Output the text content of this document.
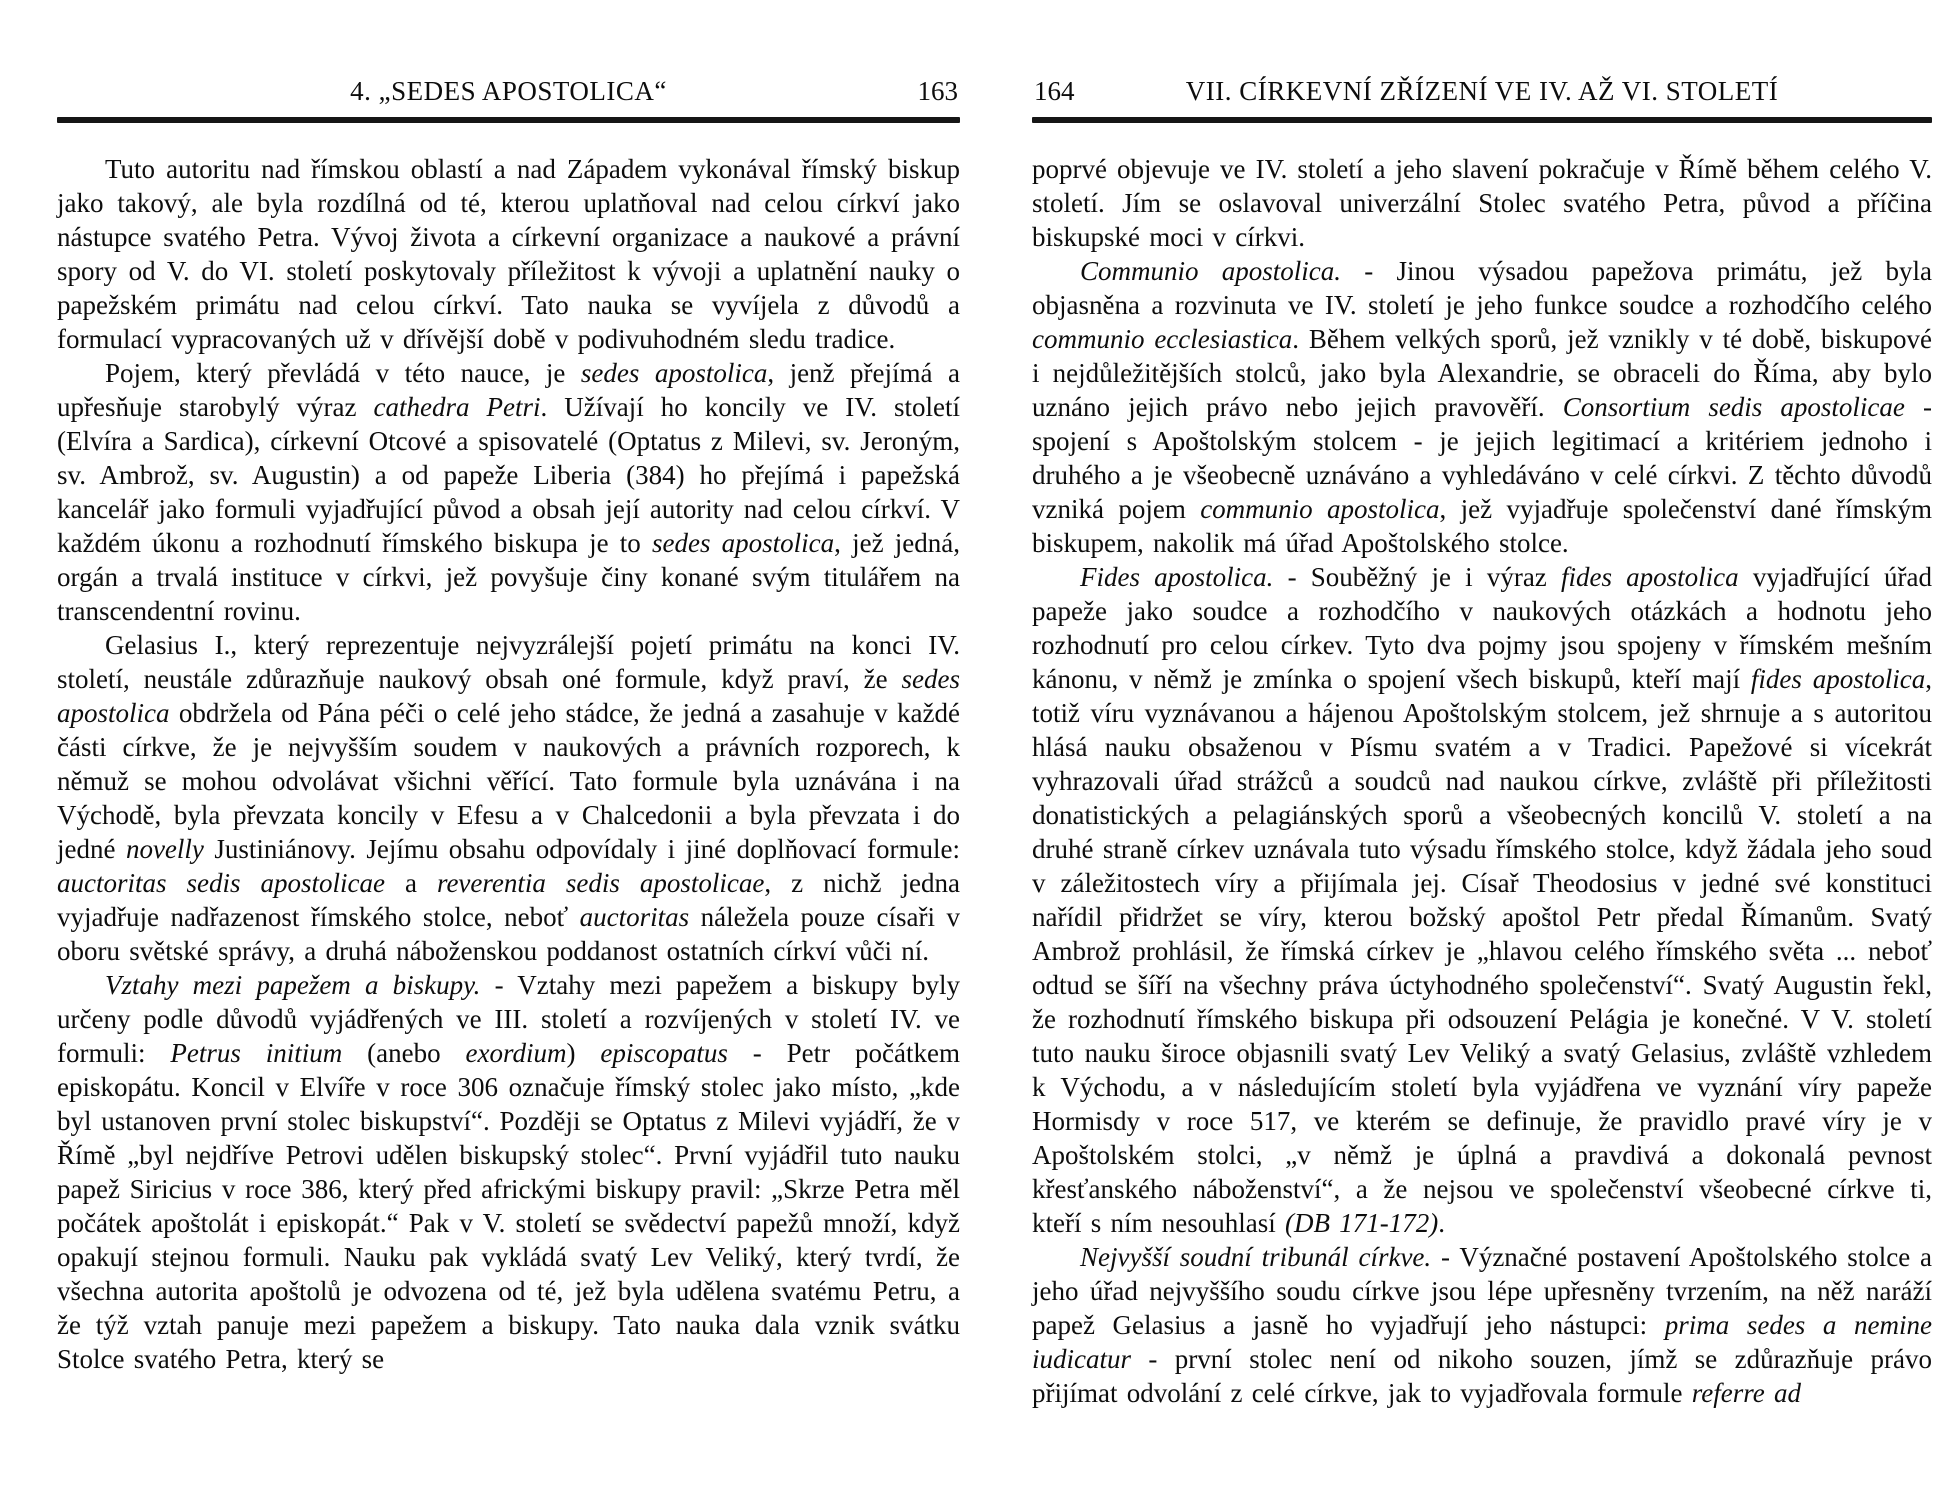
4. „SEDES APOSTOLICA“	163

Tuto autoritu nad římskou oblastí a nad Západem vykonával římský biskup jako takový, ale byla rozdílná od té, kterou uplatňoval nad celou církví jako nástupce svatého Petra. Vývoj života a církevní organizace a naukové a právní spory od V. do VI. století poskytovaly příležitost k vývoji a uplatnění nauky o papežském primátu nad celou církví. Tato nauka se vyvíjela z důvodů a formulací vypracovaných už v dřívější době v podivuhodném sledu tradice.

Pojem, který převládá v této nauce, je sedes apostolica, jenž přejímá a upřesňuje starobylý výraz cathedra Petri. Užívají ho koncily ve IV. století (Elvíra a Sardica), církevní Otcové a spisovatelé (Optatus z Milevi, sv. Jeroným, sv. Ambrož, sv. Augustin) a od papeže Liberia (384) ho přejímá i papežská kancelář jako formuli vyjadřující původ a obsah její autority nad celou církví. V každém úkonu a rozhodnutí římského biskupa je to sedes apostolica, jež jedná, orgán a trvalá instituce v církvi, jež povyšuje činy konané svým titulářem na transcendentní rovinu.

Gelasius I., který reprezentuje nejvyzrálejší pojetí primátu na konci IV. století, neustále zdůrazňuje naukový obsah oné formule, když praví, že sedes apostolica obdržela od Pána péči o celé jeho stádce, že jedná a zasahuje v každé části církve, že je nejvyšším soudem v naukových a právních rozporech, k němuž se mohou odvolávat všichni věřící. Tato formule byla uznávána i na Východě, byla převzata koncily v Efesu a v Chalcedonii a byla převzata i do jedné novelly Justiniánovy. Jejímu obsahu odpovídaly i jiné doplňovací formule: auctoritas sedis apostolicae a reverentia sedis apostolicae, z nichž jedna vyjadřuje nadřazenost římského stolce, neboť auctoritas náležela pouze císaři v oboru světské správy, a druhá náboženskou poddanost ostatních církví vůči ní.

Vztahy mezi papežem a biskupy. - Vztahy mezi papežem a biskupy byly určeny podle důvodů vyjádřených ve III. století a rozvíjených v století IV. ve formuli: Petrus initium (anebo exordium) episcopatus - Petr počátkem episkopátu. Koncil v Elvíře v roce 306 označuje římský stolec jako místo, „kde byl ustanoven první stolec biskupství“. Později se Optatus z Milevi vyjádří, že v Římě „byl nejdříve Petrovi udělen biskupský stolec“. První vyjádřil tuto nauku papež Siricius v roce 386, který před africkými biskupy pravil: „Skrze Petra měl počátek apoštolát i episkopát.“ Pak v V. století se svědectví papežů množí, když opakují stejnou formuli. Nauku pak vykládá svatý Lev Veliký, který tvrdí, že všechna autorita apoštolů je odvozena od té, jež byla udělena svatému Petru, a že týž vztah panuje mezi papežem a biskupy. Tato nauka dala vznik svátku Stolce svatého Petra, který se

VII. CÍRKEVNÍ ZŘÍZENÍ VE IV. AŽ VI. STOLETÍ
164

poprvé objevuje ve IV. století a jeho slavení pokračuje v Římě během celého V. století. Jím se oslavoval univerzální Stolec svatého Petra, původ a příčina biskupské moci v církvi.

Communio apostolica. - Jinou výsadou papežova primátu, jež byla objasněna a rozvinuta ve IV. století je jeho funkce soudce a rozhodčího celého communio ecclesiastica. Během velkých sporů, jež vznikly v té době, biskupové i nejdůležitějších stolců, jako byla Alexandrie, se obraceli do Říma, aby bylo uznáno jejich právo nebo jejich pravověří. Consortium sedis apostolicae - spojení s Apoštolským stolcem - je jejich legitimací a kritériem jednoho i druhého a je všeobecně uznáváno a vyhledáváno v celé církvi. Z těchto důvodů vzniká pojem communio apostolica, jež vyjadřuje společenství dané římským biskupem, nakolik má úřad Apoštolského stolce.

Fides apostolica. - Souběžný je i výraz fides apostolica vyjadřující úřad papeže jako soudce a rozhodčího v naukových otázkách a hodnotu jeho rozhodnutí pro celou církev. Tyto dva pojmy jsou spojeny v římském mešním kánonu, v němž je zmínka o spojení všech biskupů, kteří mají fides apostolica, totiž víru vyznávanou a hájenou Apoštolským stolcem, jež shrnuje a s autoritou hlásá nauku obsaženou v Písmu svatém a v Tradici. Papežové si vícekrát vyhrazovali úřad strážců a soudců nad naukou církve, zvláště při příležitosti donatistických a pelagiánských sporů a všeobecných koncilů V. století a na druhé straně církev uznávala tuto výsadu římského stolce, když žádala jeho soud v záležitostech víry a přijímala jej. Císař Theodosius v jedné své konstituci nařídil přidržet se víry, kterou božský apoštol Petr předal Římanům. Svatý Ambrož prohlásil, že římská církev je „hlavou celého římského světa ... neboť odtud se šíří na všechny práva úctyhodného společenství“. Svatý Augustin řekl, že rozhodnutí římského biskupa při odsouzení Pelágia je konečné. V V. století tuto nauku široce objasnili svatý Lev Veliký a svatý Gelasius, zvláště vzhledem k Východu, a v následujícím století byla vyjádřena ve vyznání víry papeže Hormisdy v roce 517, ve kterém se definuje, že pravidlo pravé víry je v Apoštolském stolci, „v němž je úplná a pravdivá a dokonalá pevnost křesťanského náboženství“, a že nejsou ve společenství všeobecné církve ti, kteří s ním nesouhlasí (DB 171-172).

Nejvyšší soudní tribunál církve. - Význačné postavení Apoštolského stolce a jeho úřad nejvyššího soudu církve jsou lépe upřesněny tvrzením, na něž naráží papež Gelasius a jasně ho vyjadřují jeho nástupci: prima sedes a nemine iudicatur - první stolec není od nikoho souzen, jímž se zdůrazňuje právo přijímat odvolání z celé církve, jak to vyjadřovala formule referre ad
